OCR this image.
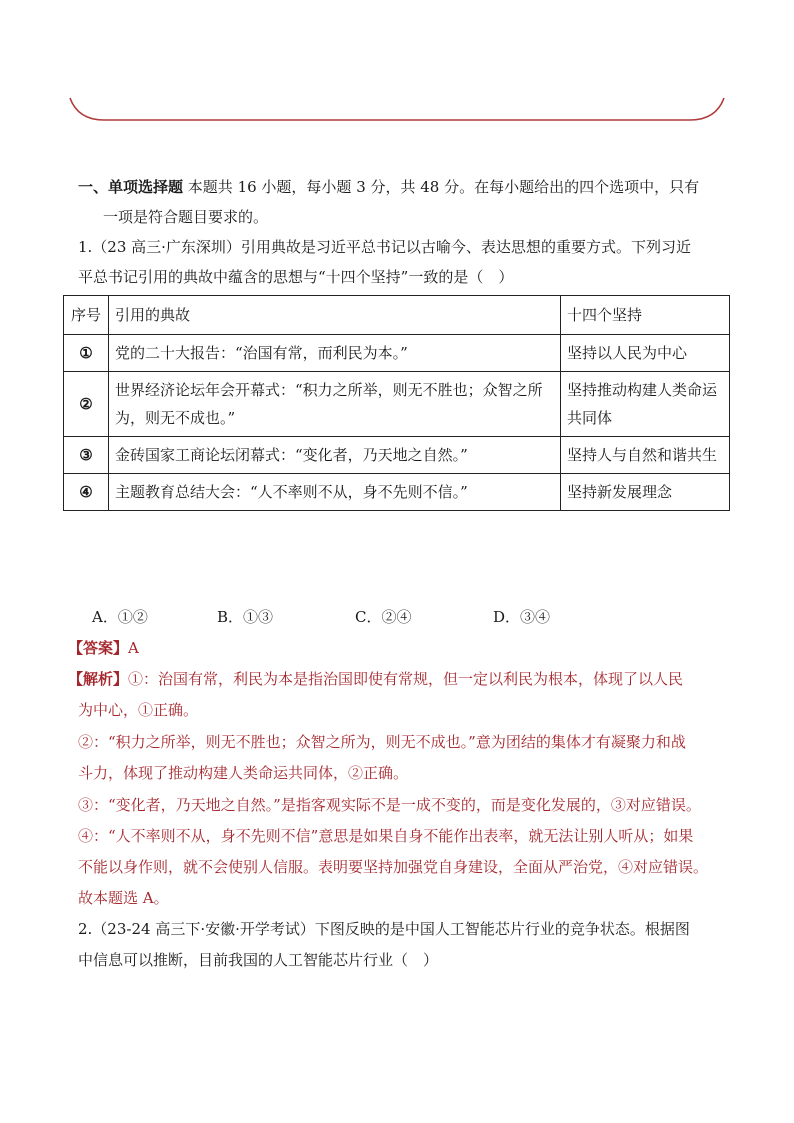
一、单项选择题 本题共 16 小题，每小题 3 分，共 48 分。在每小题给出的四个选项中，只有
一项是符合题目要求的。
1.（23 高三·广东深圳）引用典故是习近平总书记以古喻今、表达思想的重要方式。下列习近
平总书记引用的典故中蕴含的思想与“十四个坚持”一致的是（　）
序号	引用的典故	十四个坚持
①	党的二十大报告：“治国有常，而利民为本。”	坚持以人民为中心
②	世界经济论坛年会开幕式：“积力之所举，则无不胜也；众智之所为，则无不成也。”	坚持推动构建人类命运共同体
③	金砖国家工商论坛闭幕式：“变化者，乃天地之自然。”	坚持人与自然和谐共生
④	主题教育总结大会：“人不率则不从，身不先则不信。”	坚持新发展理念
A．①②	B．①③	C．②④	D．③④
【答案】A
【解析】①：治国有常，利民为本是指治国即使有常规，但一定以利民为根本，体现了以人民
为中心，①正确。
②：“积力之所举，则无不胜也；众智之所为，则无不成也。”意为团结的集体才有凝聚力和战
斗力，体现了推动构建人类命运共同体，②正确。
③：“变化者，乃天地之自然。”是指客观实际不是一成不变的，而是变化发展的，③对应错误。
④：“人不率则不从，身不先则不信”意思是如果自身不能作出表率，就无法让别人听从；如果
不能以身作则，就不会使别人信服。表明要坚持加强党自身建设，全面从严治党，④对应错误。
故本题选 A。
2.（23-24 高三下·安徽·开学考试）下图反映的是中国人工智能芯片行业的竞争状态。根据图
中信息可以推断，目前我国的人工智能芯片行业（　）
